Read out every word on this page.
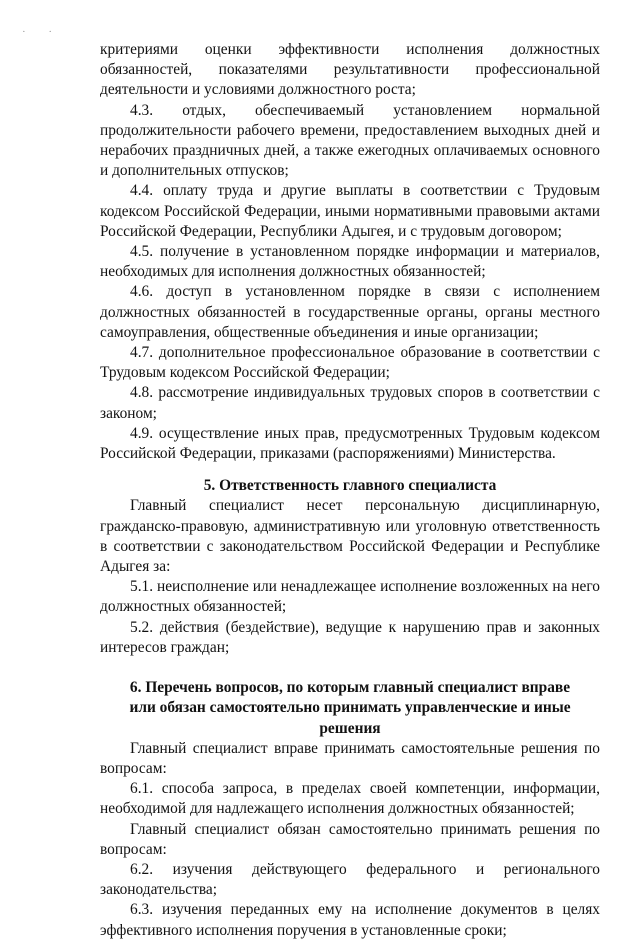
· ·

критериями оценки эффективности исполнения должностных обязанностей, показателями результативности профессиональной деятельности и условиями должностного роста;

4.3. отдых, обеспечиваемый установлением нормальной продолжительности рабочего времени, предоставлением выходных дней и нерабочих праздничных дней, а также ежегодных оплачиваемых основного и дополнительных отпусков;

4.4. оплату труда и другие выплаты в соответствии с Трудовым кодексом Российской Федерации, иными нормативными правовыми актами Российской Федерации, Республики Адыгея, и с трудовым договором;

4.5. получение в установленном порядке информации и материалов, необходимых для исполнения должностных обязанностей;

4.6. доступ в установленном порядке в связи с исполнением должностных обязанностей в государственные органы, органы местного самоуправления, общественные объединения и иные организации;

4.7. дополнительное профессиональное образование в соответствии с Трудовым кодексом Российской Федерации;

4.8. рассмотрение индивидуальных трудовых споров в соответствии с законом;

4.9. осуществление иных прав, предусмотренных Трудовым кодексом Российской Федерации, приказами (распоряжениями) Министерства.

5. Ответственность главного специалиста

Главный специалист несет персональную дисциплинарную, гражданско-правовую, административную или уголовную ответственность в соответствии с законодательством Российской Федерации и Республике Адыгея за:

5.1. неисполнение или ненадлежащее исполнение возложенных на него должностных обязанностей;

5.2. действия (бездействие), ведущие к нарушению прав и законных интересов граждан;

6. Перечень вопросов, по которым главный специалист вправе

или обязан самостоятельно принимать управленческие и иные

решения

Главный специалист вправе принимать самостоятельные решения по вопросам:

6.1. способа запроса, в пределах своей компетенции, информации, необходимой для надлежащего исполнения должностных обязанностей;

Главный специалист обязан самостоятельно принимать решения по вопросам:

6.2. изучения действующего федерального и регионального законодательства;

6.3. изучения переданных ему на исполнение документов в целях эффективного исполнения поручения в установленные сроки;
